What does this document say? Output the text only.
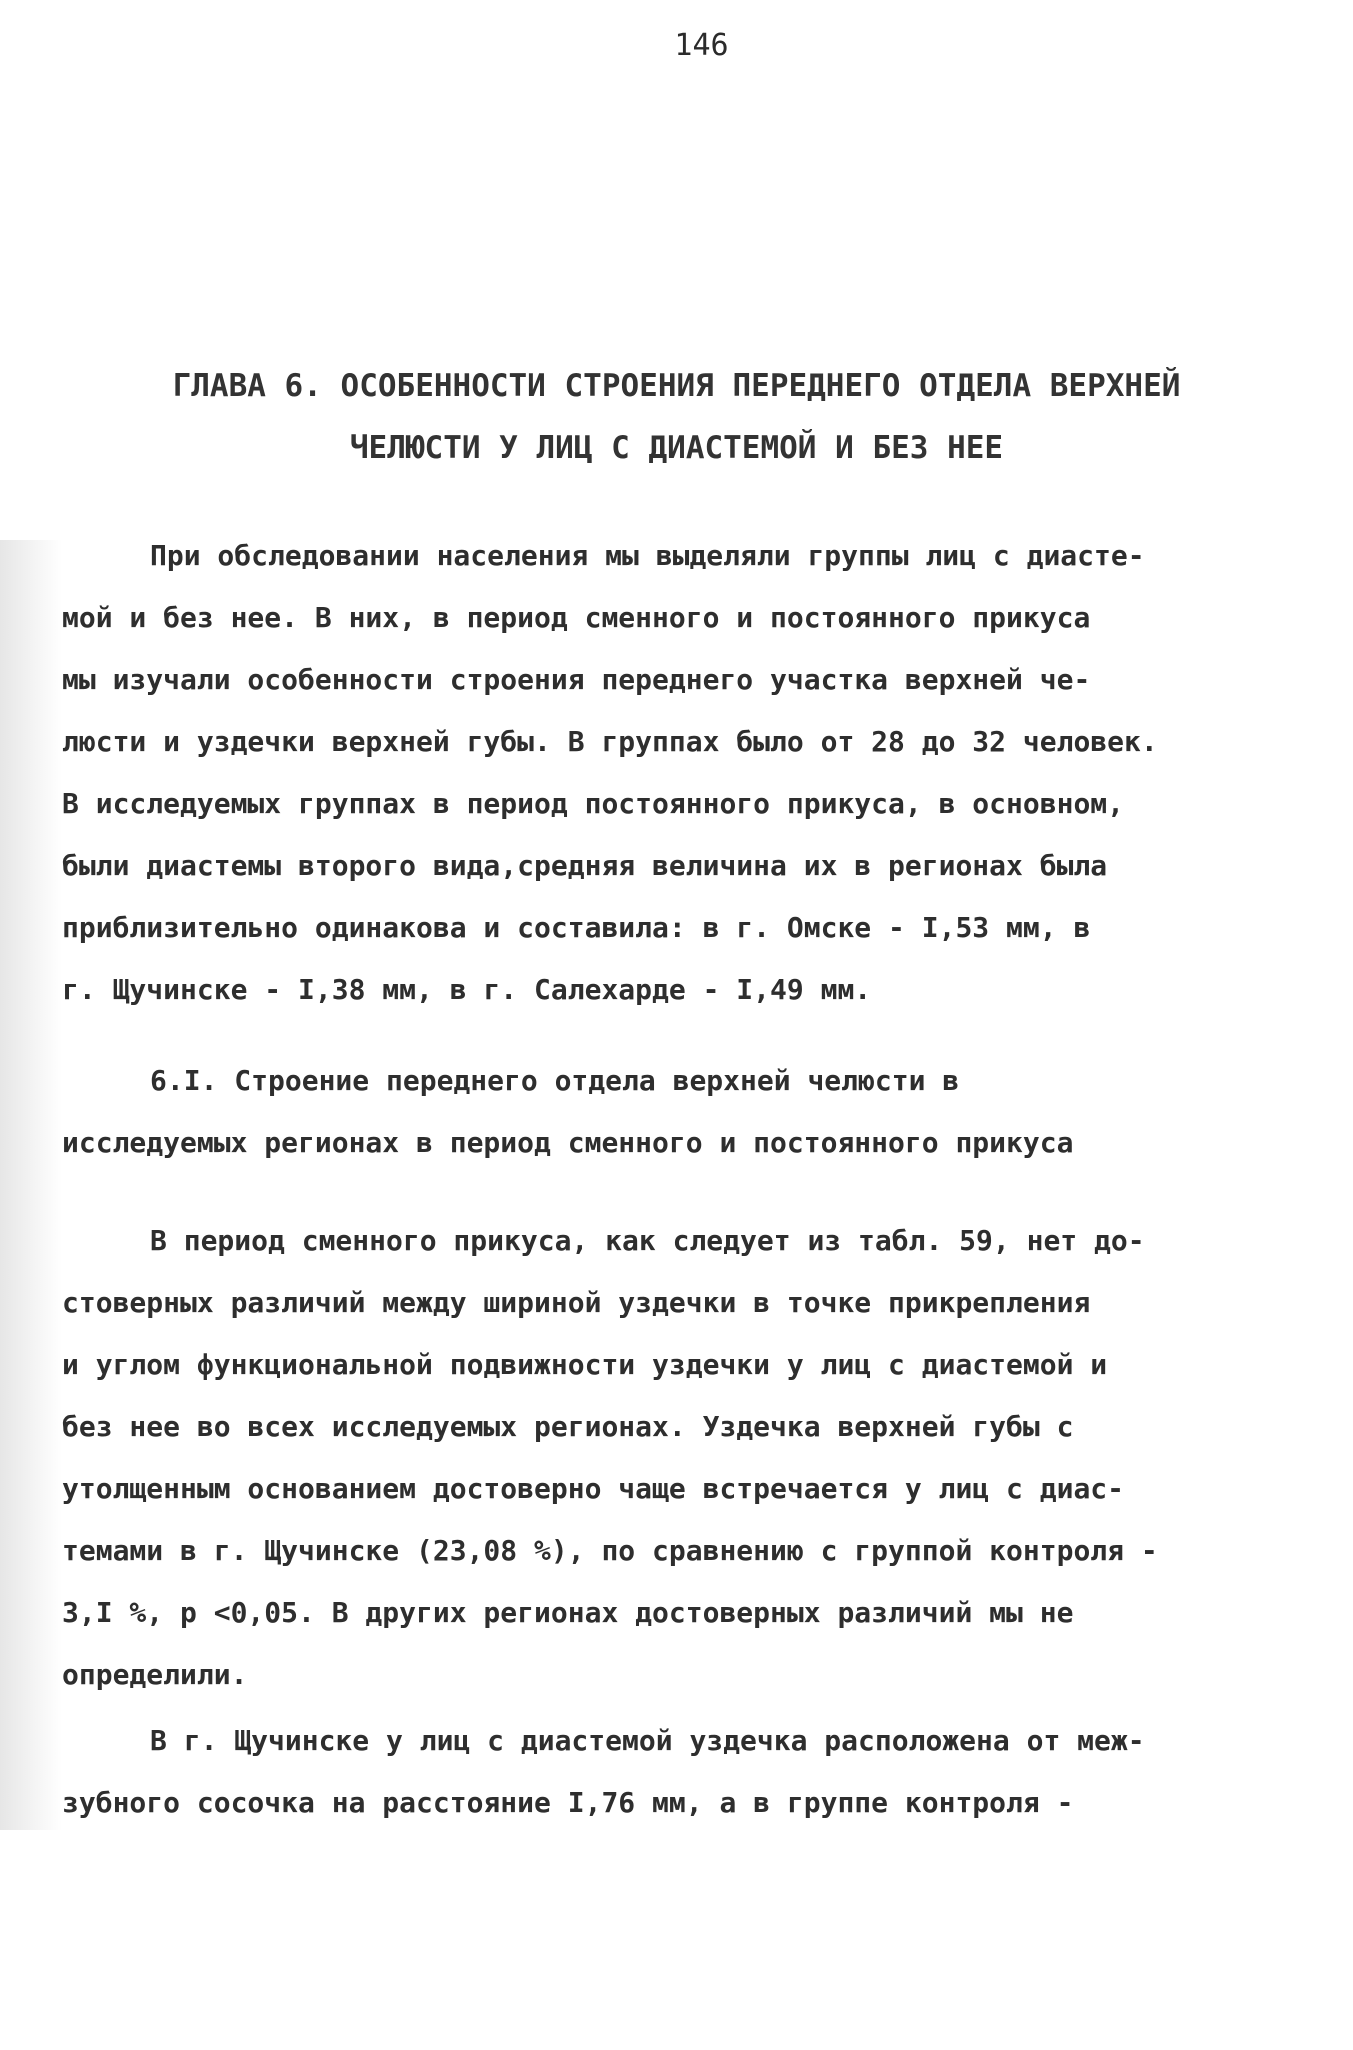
146
ГЛАВА 6. ОСОБЕННОСТИ СТРОЕНИЯ ПЕРЕДНЕГО ОТДЕЛА ВЕРХНЕЙ
ЧЕЛЮСТИ У ЛИЦ С ДИАСТЕМОЙ И БЕЗ НЕЕ
При обследовании населения мы выделяли группы лиц с диасте-
мой и без нее. В них, в период сменного и постоянного прикуса
мы изучали особенности строения переднего участка верхней че-
люсти и уздечки верхней губы. В группах было от 28 до 32 человек.
В исследуемых группах в период постоянного прикуса, в основном,
были диастемы второго вида,средняя величина их в регионах была
приблизительно одинакова и составила: в г. Омске - I,53 мм, в
г. Щучинске - I,38 мм, в г. Салехарде - I,49 мм.
6.I. Строение переднего отдела верхней челюсти в
исследуемых регионах в период сменного и постоянного прикуса
В период сменного прикуса, как следует из табл. 59, нет до-
стоверных различий между шириной уздечки в точке прикрепления
и углом функциональной подвижности уздечки у лиц с диастемой и
без нее во всех исследуемых регионах. Уздечка верхней губы с
утолщенным основанием достоверно чаще встречается у лиц с диас-
темами в г. Щучинске (23,08 %), по сравнению с группой контроля -
3,I %, р <0,05. В других регионах достоверных различий мы не
определили.
В г. Щучинске у лиц с диастемой уздечка расположена от меж-
зубного сосочка на расстояние I,76 мм, а в группе контроля -
